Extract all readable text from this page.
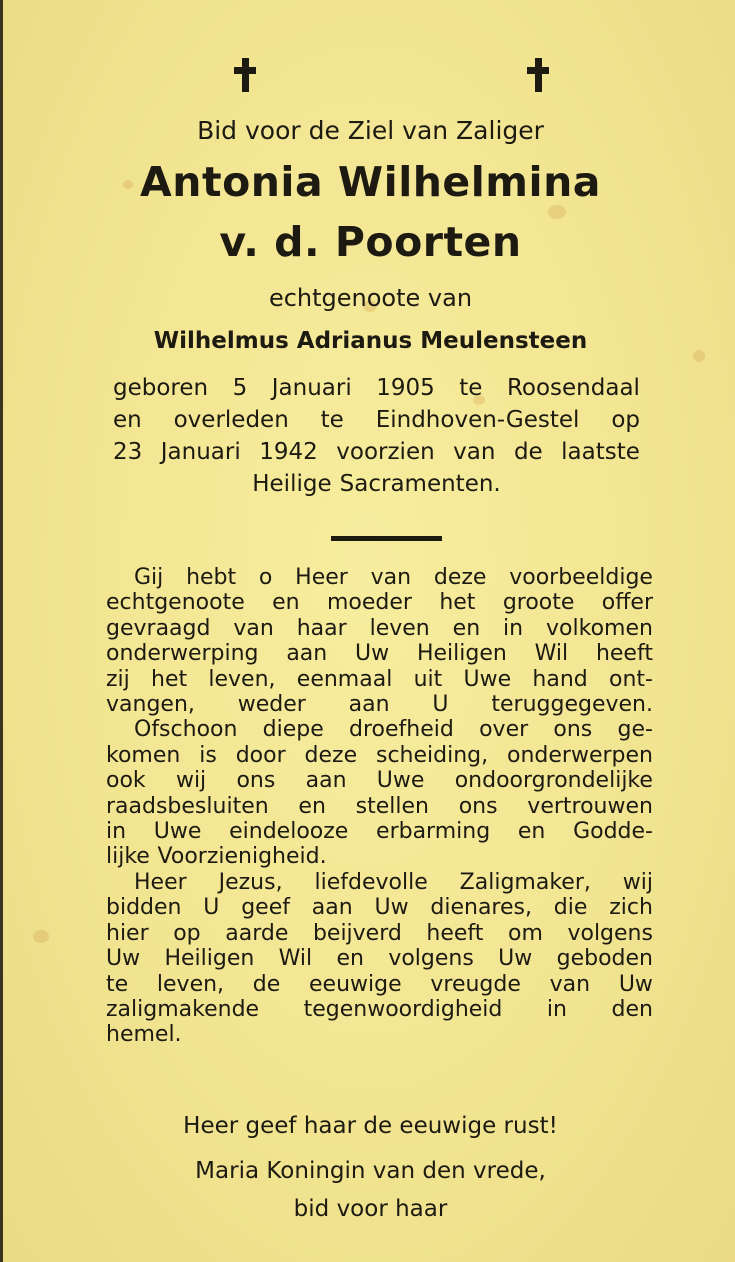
Bid voor de Ziel van Zaliger
Antonia Wilhelmina
v. d. Poorten
echtgenoote van
Wilhelmus Adrianus Meulensteen
geboren 5 Januari 1905 te Roosendaal
en overleden te Eindhoven-Gestel op
23 Januari 1942 voorzien van de laatste
Heilige Sacramenten.
Gij hebt o Heer van deze voorbeeldige
echtgenoote en moeder het groote offer
gevraagd van haar leven en in volkomen
onderwerping aan Uw Heiligen Wil heeft
zij het leven, eenmaal uit Uwe hand ont-
vangen, weder aan U teruggegeven.
Ofschoon diepe droefheid over ons ge-
komen is door deze scheiding, onderwerpen
ook wij ons aan Uwe ondoorgrondelijke
raadsbesluiten en stellen ons vertrouwen
in Uwe eindelooze erbarming en Godde-
lijke Voorzienigheid.
Heer Jezus, liefdevolle Zaligmaker, wij
bidden U geef aan Uw dienares, die zich
hier op aarde beijverd heeft om volgens
Uw Heiligen Wil en volgens Uw geboden
te leven, de eeuwige vreugde van Uw
zaligmakende tegenwoordigheid in den
hemel.
Heer geef haar de eeuwige rust!
Maria Koningin van den vrede,
bid voor haar
